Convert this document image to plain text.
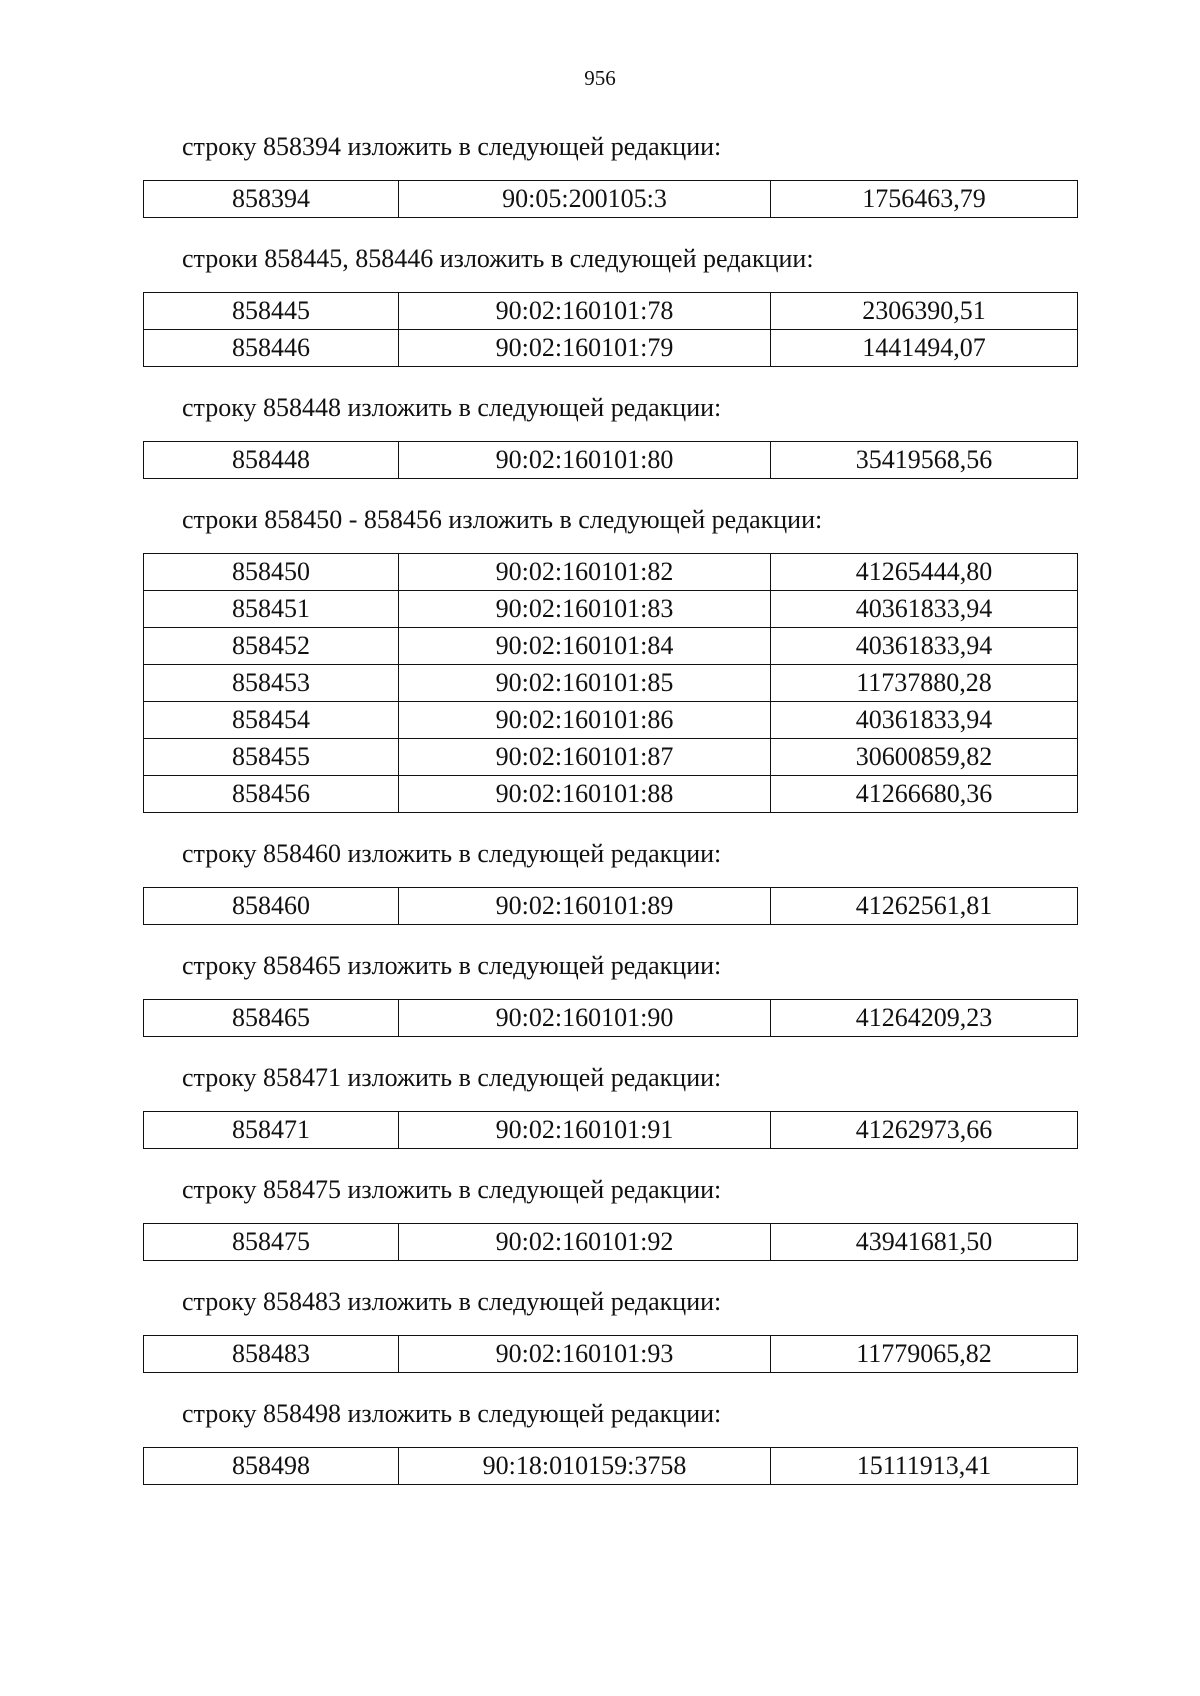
956

строку 858394 изложить в следующей редакции:

858394	90:05:200105:3	1756463,79

строки 858445, 858446 изложить в следующей редакции:

858445	90:02:160101:78	2306390,51
858446	90:02:160101:79	1441494,07

строку 858448 изложить в следующей редакции:

858448	90:02:160101:80	35419568,56

строки 858450 - 858456 изложить в следующей редакции:

858450	90:02:160101:82	41265444,80
858451	90:02:160101:83	40361833,94
858452	90:02:160101:84	40361833,94
858453	90:02:160101:85	11737880,28
858454	90:02:160101:86	40361833,94
858455	90:02:160101:87	30600859,82
858456	90:02:160101:88	41266680,36

строку 858460 изложить в следующей редакции:

858460	90:02:160101:89	41262561,81

строку 858465 изложить в следующей редакции:

858465	90:02:160101:90	41264209,23

строку 858471 изложить в следующей редакции:

858471	90:02:160101:91	41262973,66

строку 858475 изложить в следующей редакции:

858475	90:02:160101:92	43941681,50

строку 858483 изложить в следующей редакции:

858483	90:02:160101:93	11779065,82

строку 858498 изложить в следующей редакции:

858498	90:18:010159:3758	15111913,41
